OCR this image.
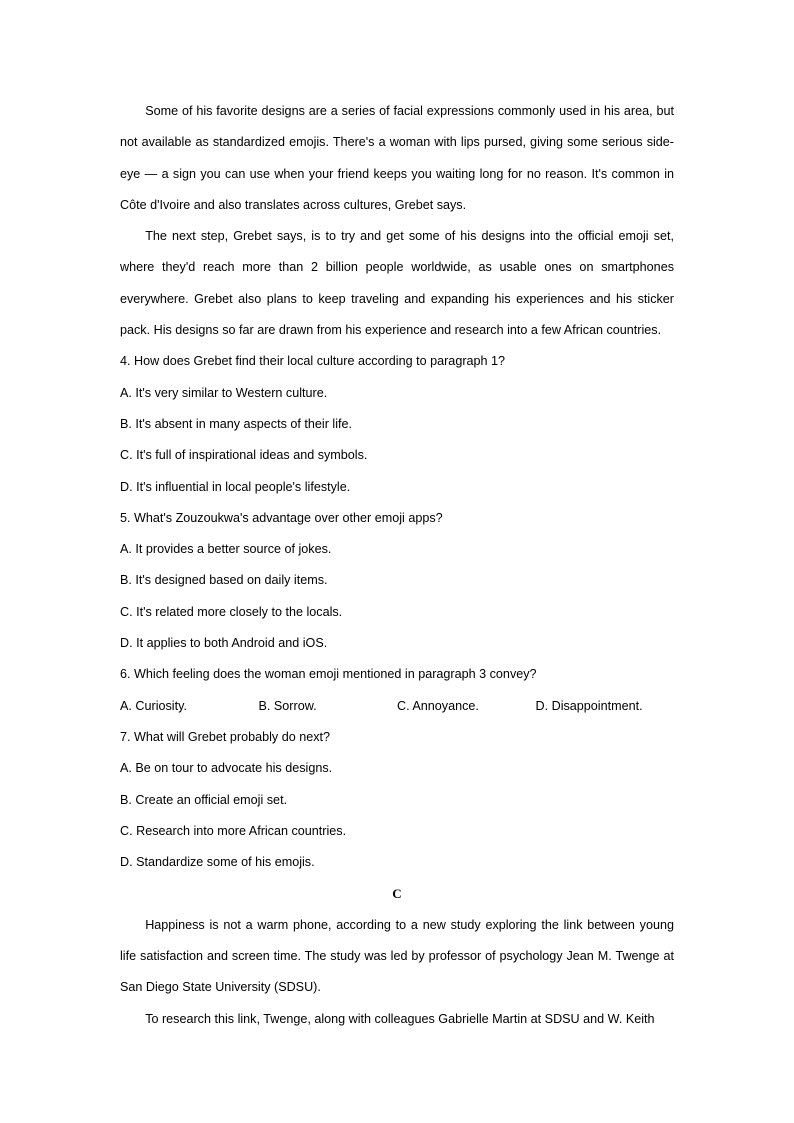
Some of his favorite designs are a series of facial expressions commonly used in his area, but not available as standardized emojis. There's a woman with lips pursed, giving some serious side-eye — a sign you can use when your friend keeps you waiting long for no reason. It's common in Côte d'Ivoire and also translates across cultures, Grebet says.

The next step, Grebet says, is to try and get some of his designs into the official emoji set, where they'd reach more than 2 billion people worldwide, as usable ones on smartphones everywhere. Grebet also plans to keep traveling and expanding his experiences and his sticker pack. His designs so far are drawn from his experience and research into a few African countries.

4. How does Grebet find their local culture according to paragraph 1?

A. It's very similar to Western culture.

B. It's absent in many aspects of their life.

C. It's full of inspirational ideas and symbols.

D. It's influential in local people's lifestyle.

5. What's Zouzoukwa's advantage over other emoji apps?

A. It provides a better source of jokes.

B. It's designed based on daily items.

C. It's related more closely to the locals.

D. It applies to both Android and iOS.

6. Which feeling does the woman emoji mentioned in paragraph 3 convey?

A. Curiosity.	B. Sorrow.	C. Annoyance.	D. Disappointment.

7. What will Grebet probably do next?

A. Be on tour to advocate his designs.

B. Create an official emoji set.

C. Research into more African countries.

D. Standardize some of his emojis.

C

Happiness is not a warm phone, according to a new study exploring the link between young life satisfaction and screen time. The study was led by professor of psychology Jean M. Twenge at San Diego State University (SDSU).

To research this link, Twenge, along with colleagues Gabrielle Martin at SDSU and W. Keith
